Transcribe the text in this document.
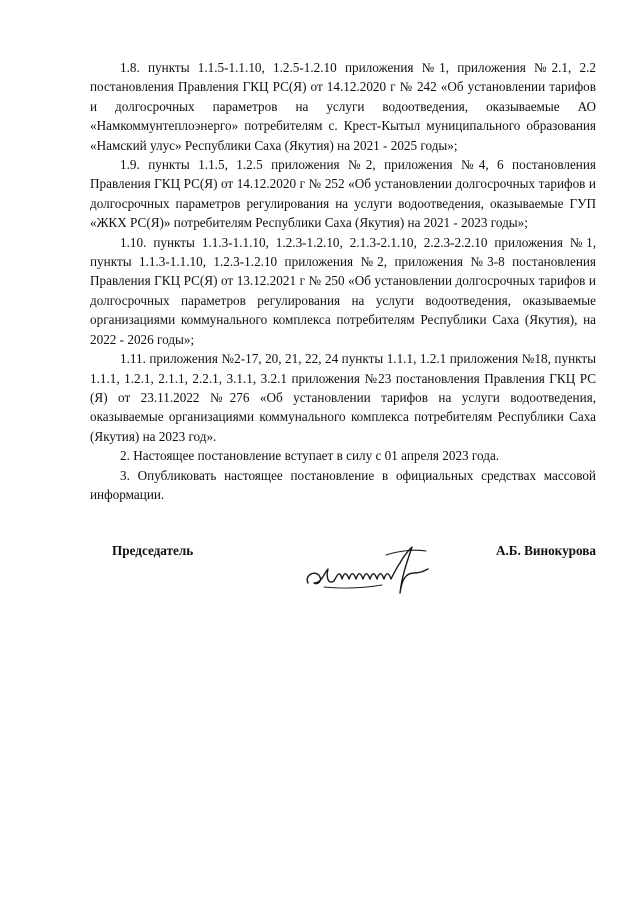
1.8. пункты 1.1.5-1.1.10, 1.2.5-1.2.10 приложения №1, приложения №2.1, 2.2 постановления Правления ГКЦ РС(Я) от 14.12.2020 г № 242 «Об установлении тарифов и долгосрочных параметров на услуги водоотведения, оказываемые АО «Намкоммунтеплоэнерго» потребителям с. Крест-Кытыл муниципального образования «Намский улус» Республики Саха (Якутия) на 2021 - 2025 годы»;

1.9. пункты 1.1.5, 1.2.5 приложения №2, приложения №4, 6 постановления Правления ГКЦ РС(Я) от 14.12.2020 г № 252 «Об установлении долгосрочных тарифов и долгосрочных параметров регулирования на услуги водоотведения, оказываемые ГУП «ЖКХ РС(Я)» потребителям Республики Саха (Якутия) на 2021 - 2023 годы»;

1.10. пункты 1.1.3-1.1.10, 1.2.3-1.2.10, 2.1.3-2.1.10, 2.2.3-2.2.10 приложения №1, пункты 1.1.3-1.1.10, 1.2.3-1.2.10 приложения №2, приложения №3-8 постановления Правления ГКЦ РС(Я) от 13.12.2021 г № 250 «Об установлении долгосрочных тарифов и долгосрочных параметров регулирования на услуги водоотведения, оказываемые организациями коммунального комплекса потребителям Республики Саха (Якутия), на 2022 - 2026 годы»;

1.11. приложения №2-17, 20, 21, 22, 24 пункты 1.1.1, 1.2.1 приложения №18, пункты 1.1.1, 1.2.1, 2.1.1, 2.2.1, 3.1.1, 3.2.1 приложения №23 постановления Правления ГКЦ РС (Я) от 23.11.2022 №276 «Об установлении тарифов на услуги водоотведения, оказываемые организациями коммунального комплекса потребителям Республики Саха (Якутия) на 2023 год».

2. Настоящее постановление вступает в силу с 01 апреля 2023 года.

3. Опубликовать настоящее постановление в официальных средствах массовой информации.

Председатель	А.Б. Винокурова
